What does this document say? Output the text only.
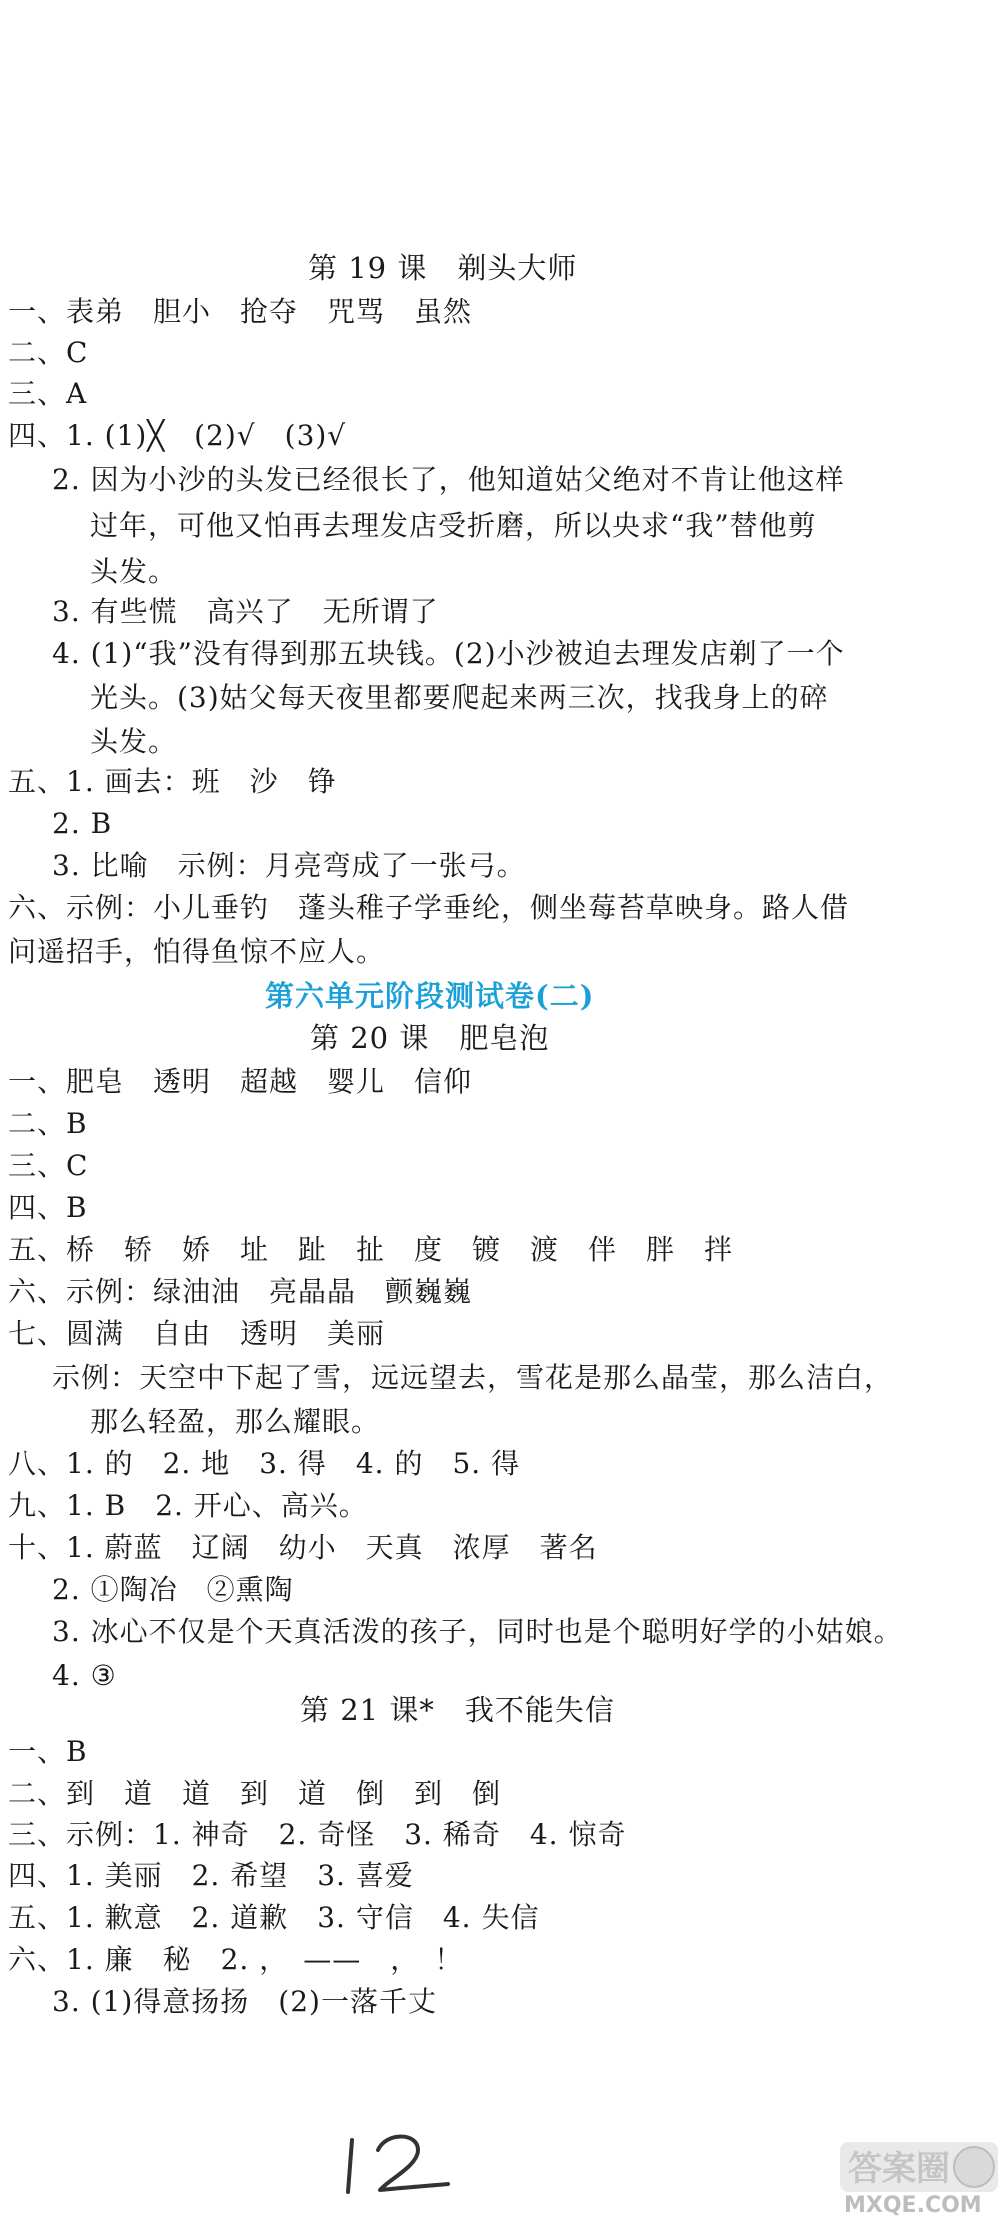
第 19 课　剃头大师
一、表弟　胆小　抢夺　咒骂　虽然
二、C
三、A
四、1. (1)╳　(2)√　(3)√
2. 因为小沙的头发已经很长了，他知道姑父绝对不肯让他这样
过年，可他又怕再去理发店受折磨，所以央求“我”替他剪
头发。
3. 有些慌　高兴了　无所谓了
4. (1)“我”没有得到那五块钱。(2)小沙被迫去理发店剃了一个
光头。(3)姑父每天夜里都要爬起来两三次，找我身上的碎
头发。
五、1. 画去：班　沙　铮
2. B
3. 比喻　示例：月亮弯成了一张弓。
六、示例：小儿垂钓　蓬头稚子学垂纶，侧坐莓苔草映身。路人借
问遥招手，怕得鱼惊不应人。
第六单元阶段测试卷(二)
第 20 课　肥皂泡
一、肥皂　透明　超越　婴儿　信仰
二、B
三、C
四、B
五、桥　轿　娇　址　趾　扯　度　镀　渡　伴　胖　拌
六、示例：绿油油　亮晶晶　颤巍巍
七、圆满　自由　透明　美丽
示例：天空中下起了雪，远远望去，雪花是那么晶莹，那么洁白，
那么轻盈，那么耀眼。
八、1. 的　2. 地　3. 得　4. 的　5. 得
九、1. B　2. 开心、高兴。
十、1. 蔚蓝　辽阔　幼小　天真　浓厚　著名
2. ①陶冶　②熏陶
3. 冰心不仅是个天真活泼的孩子，同时也是个聪明好学的小姑娘。
4. ③
第 21 课*　我不能失信
一、B
二、到　道　道　到　道　倒　到　倒
三、示例：1. 神奇　2. 奇怪　3. 稀奇　4. 惊奇
四、1. 美丽　2. 希望　3. 喜爱
五、1. 歉意　2. 道歉　3. 守信　4. 失信
六、1. 廉　秘　2. ，　——　，　！
3. (1)得意扬扬　(2)一落千丈
答案圈
MXQE.COM
